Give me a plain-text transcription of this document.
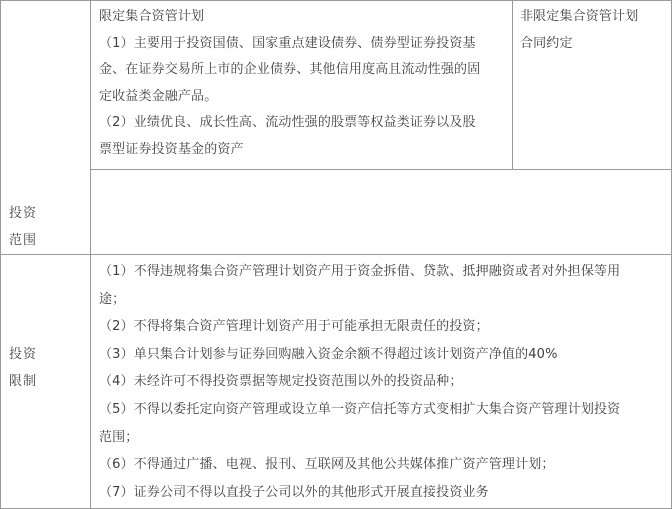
投资
范围
限定集合资管计划
（1）主要用于投资国债、国家重点建设债券、债券型证券投资基
金、在证券交易所上市的企业债券、其他信用度高且流动性强的固
定收益类金融产品。
（2）业绩优良、成长性高、流动性强的股票等权益类证券以及股
票型证券投资基金的资产
非限定集合资管计划
合同约定
投资
限制
（1）不得违规将集合资产管理计划资产用于资金拆借、贷款、抵押融资或者对外担保等用
途；
（2）不得将集合资产管理计划资产用于可能承担无限责任的投资；
（3）单只集合计划参与证券回购融入资金余额不得超过该计划资产净值的40%
（4）未经许可不得投资票据等规定投资范围以外的投资品种；
（5）不得以委托定向资产管理或设立单一资产信托等方式变相扩大集合资产管理计划投资
范围；
（6）不得通过广播、电视、报刊、互联网及其他公共媒体推广资产管理计划；
（7）证券公司不得以直投子公司以外的其他形式开展直接投资业务
